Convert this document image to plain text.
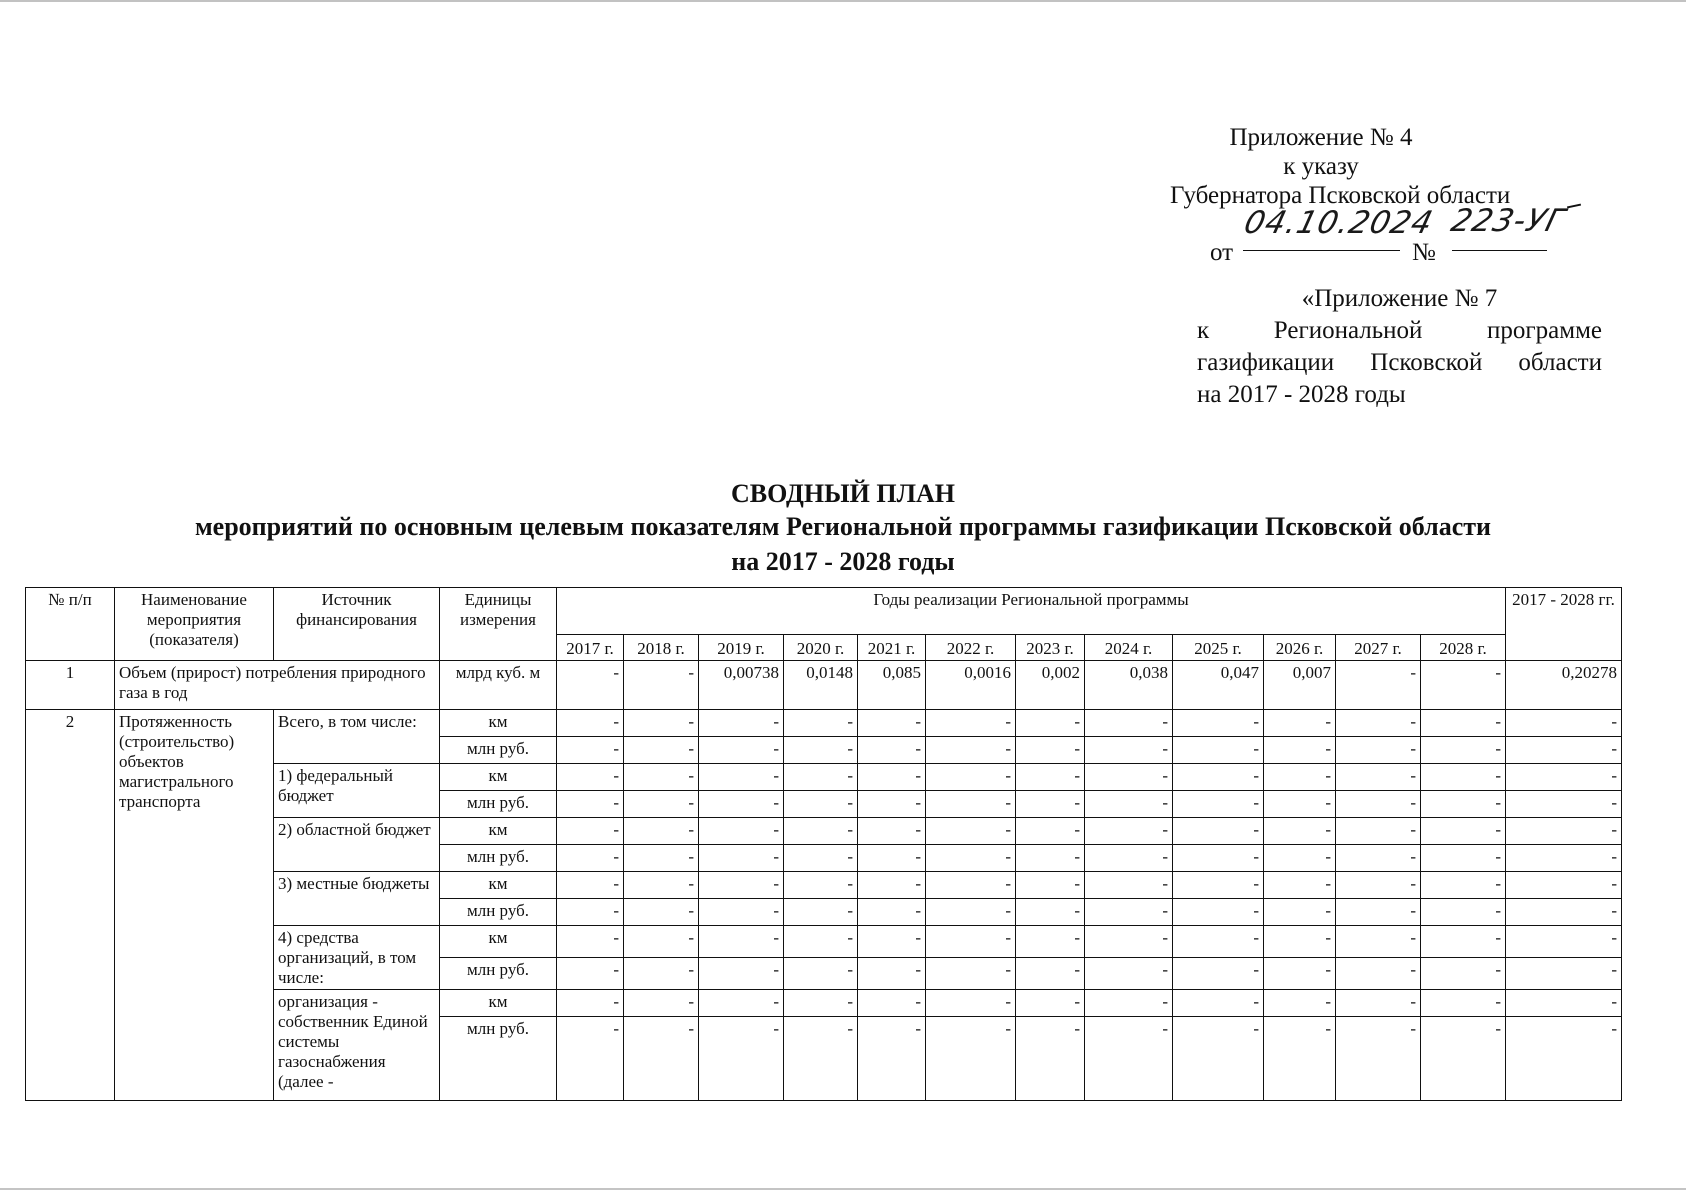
Приложение № 4
к указу
Губернатора Псковской области
от
04.10.2024
№
223-УГ
«Приложение № 7
к Региональной программе
газификации Псковской области
на 2017 - 2028 годы
СВОДНЫЙ ПЛАН
мероприятий по основным целевым показателям Региональной программы газификации Псковской области
на 2017 - 2028 годы
№ п/п	Наименование мероприятия (показателя)	Источник финансирования	Единицы измерения	Годы реализации Региональной программы												2017 - 2028 гг.
				2017 г.	2018 г.	2019 г.	2020 г.	2021 г.	2022 г.	2023 г.	2024 г.	2025 г.	2026 г.	2027 г.	2028 г.	
1	Объем (прирост) потребления природного газа в год		млрд куб. м	-	-	0,00738	0,0148	0,085	0,0016	0,002	0,038	0,047	0,007	-	-	0,20278
2	Протяженность (строительство) объектов магистрального транспорта	Всего, в том числе:	км	-	-	-	-	-	-	-	-	-	-	-	-	-
			млн руб.	-	-	-	-	-	-	-	-	-	-	-	-	-
		1) федеральный бюджет	км	-	-	-	-	-	-	-	-	-	-	-	-	-
			млн руб.	-	-	-	-	-	-	-	-	-	-	-	-	-
		2) областной бюджет	км	-	-	-	-	-	-	-	-	-	-	-	-	-
			млн руб.	-	-	-	-	-	-	-	-	-	-	-	-	-
		3) местные бюджеты	км	-	-	-	-	-	-	-	-	-	-	-	-	-
			млн руб.	-	-	-	-	-	-	-	-	-	-	-	-	-
		4) средства организаций, в том числе:	км	-	-	-	-	-	-	-	-	-	-	-	-	-
			млн руб.	-	-	-	-	-	-	-	-	-	-	-	-	-
		организация - собственник Единой системы газоснабжения (далее -	км	-	-	-	-	-	-	-	-	-	-	-	-	-
			млн руб.	-	-	-	-	-	-	-	-	-	-	-	-	-
